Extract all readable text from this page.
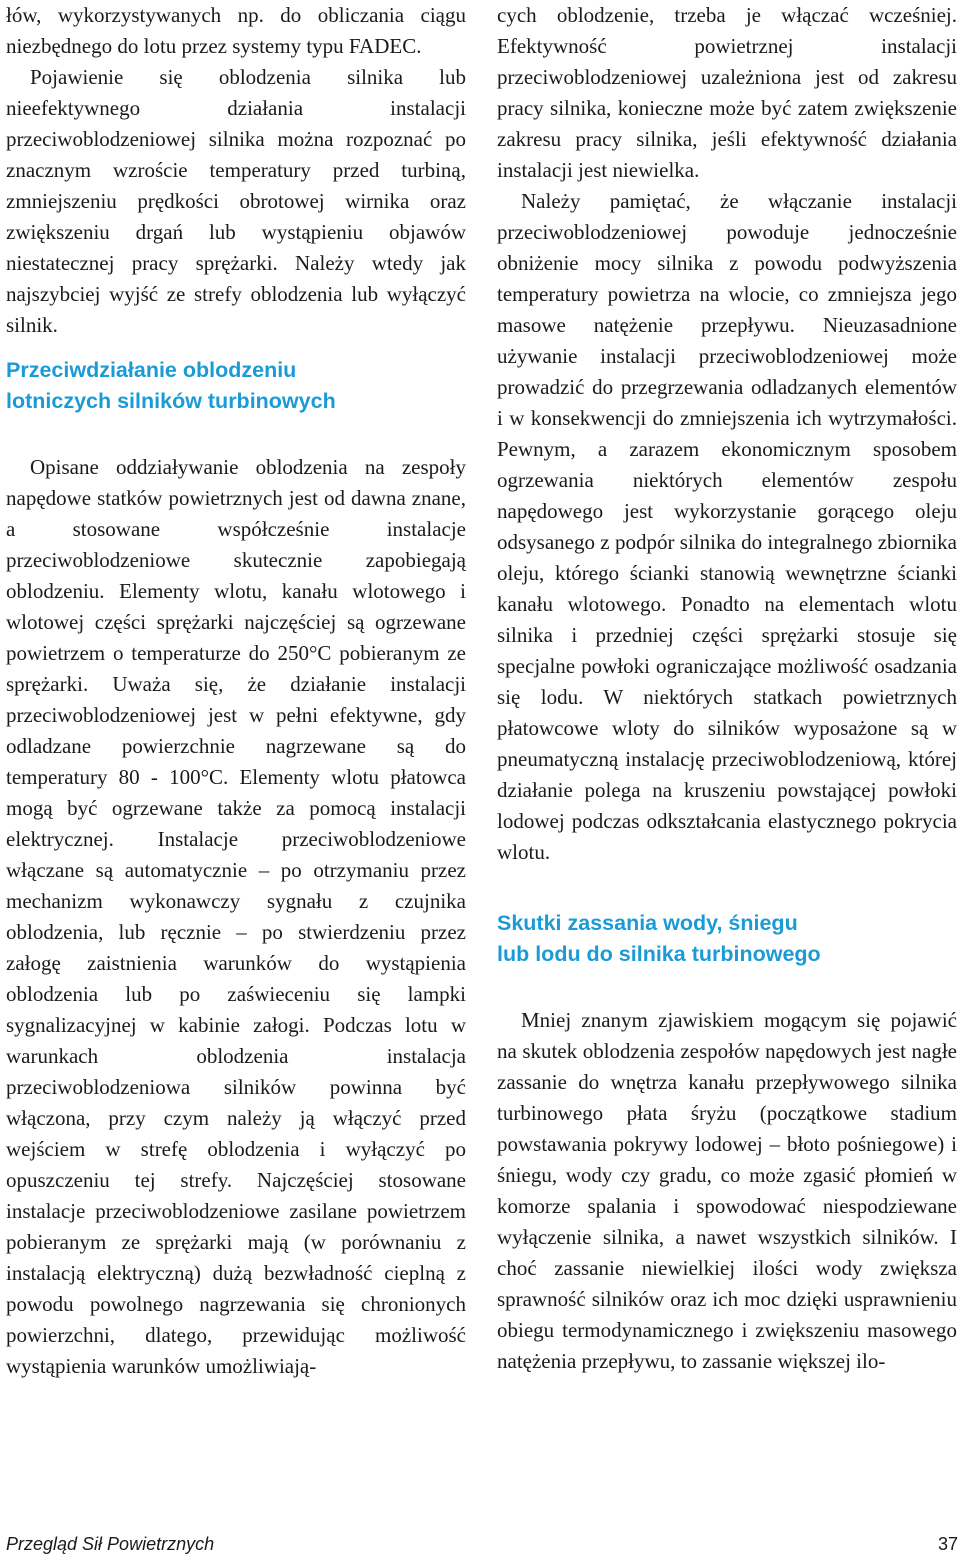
łów, wykorzystywanych np. do obliczania ciągu niezbędnego do lotu przez systemy typu FADEC.

Pojawienie się oblodzenia silnika lub nieefektywnego działania instalacji przeciwoblodzeniowej silnika można rozpoznać po znacznym wzroście temperatury przed turbiną, zmniejszeniu prędkości obrotowej wirnika oraz zwiększeniu drgań lub wystąpieniu objawów niestatecznej pracy sprężarki. Należy wtedy jak najszybciej wyjść ze strefy oblodzenia lub wyłączyć silnik.

Przeciwdziałanie oblodzeniu
lotniczych silników turbinowych

Opisane oddziaływanie oblodzenia na zespoły napędowe statków powietrznych jest od dawna znane, a stosowane współcześnie instalacje przeciwoblodzeniowe skutecznie zapobiegają oblodzeniu. Elementy wlotu, kanału wlotowego i wlotowej części sprężarki najczęściej są ogrzewane powietrzem o temperaturze do 250°C pobieranym ze sprężarki. Uważa się, że działanie instalacji przeciwoblodzeniowej jest w pełni efektywne, gdy odladzane powierzchnie nagrzewane są do temperatury 80 - 100°C. Elementy wlotu płatowca mogą być ogrzewane także za pomocą instalacji elektrycznej. Instalacje przeciwoblodzeniowe włączane są automatycznie – po otrzymaniu przez mechanizm wykonawczy sygnału z czujnika oblodzenia, lub ręcznie – po stwierdzeniu przez załogę zaistnienia warunków do wystąpienia oblodzenia lub po zaświeceniu się lampki sygnalizacyjnej w kabinie załogi. Podczas lotu w warunkach oblodzenia instalacja przeciwoblodzeniowa silników powinna być włączona, przy czym należy ją włączyć przed wejściem w strefę oblodzenia i wyłączyć po opuszczeniu tej strefy. Najczęściej stosowane instalacje przeciwoblodzeniowe zasilane powietrzem pobieranym ze sprężarki mają (w porównaniu z instalacją elektryczną) dużą bezwładność cieplną z powodu powolnego nagrzewania się chronionych powierzchni, dlatego, przewidując możliwość wystąpienia warunków umożliwiają-

cych oblodzenie, trzeba je włączać wcześniej. Efektywność powietrznej instalacji przeciwoblodzeniowej uzależniona jest od zakresu pracy silnika, konieczne może być zatem zwiększenie zakresu pracy silnika, jeśli efektywność działania instalacji jest niewielka.

Należy pamiętać, że włączanie instalacji przeciwoblodzeniowej powoduje jednocześnie obniżenie mocy silnika z powodu podwyższenia temperatury powietrza na wlocie, co zmniejsza jego masowe natężenie przepływu. Nieuzasadnione używanie instalacji przeciwoblodzeniowej może prowadzić do przegrzewania odladzanych elementów i w konsekwencji do zmniejszenia ich wytrzymałości. Pewnym, a zarazem ekonomicznym sposobem ogrzewania niektórych elementów zespołu napędowego jest wykorzystanie gorącego oleju odsysanego z podpór silnika do integralnego zbiornika oleju, którego ścianki stanowią wewnętrzne ścianki kanału wlotowego. Ponadto na elementach wlotu silnika i przedniej części sprężarki stosuje się specjalne powłoki ograniczające możliwość osadzania się lodu. W niektórych statkach powietrznych płatowcowe wloty do silników wyposażone są w pneumatyczną instalację przeciwoblodzeniową, której działanie polega na kruszeniu powstającej powłoki lodowej podczas odkształcania elastycznego pokrycia wlotu.

Skutki zassania wody, śniegu
lub lodu do silnika turbinowego

Mniej znanym zjawiskiem mogącym się pojawić na skutek oblodzenia zespołów napędowych jest nagłe zassanie do wnętrza kanału przepływowego silnika turbinowego płata śryżu (początkowe stadium powstawania pokrywy lodowej – błoto pośniegowe) i śniegu, wody czy gradu, co może zgasić płomień w komorze spalania i spowodować niespodziewane wyłączenie silnika, a nawet wszystkich silników. I choć zassanie niewielkiej ilości wody zwiększa sprawność silników oraz ich moc dzięki usprawnieniu obiegu termodynamicznego i zwiększeniu masowego natężenia przepływu, to zassanie większej ilo-

Przegląd Sił Powietrznych	37
